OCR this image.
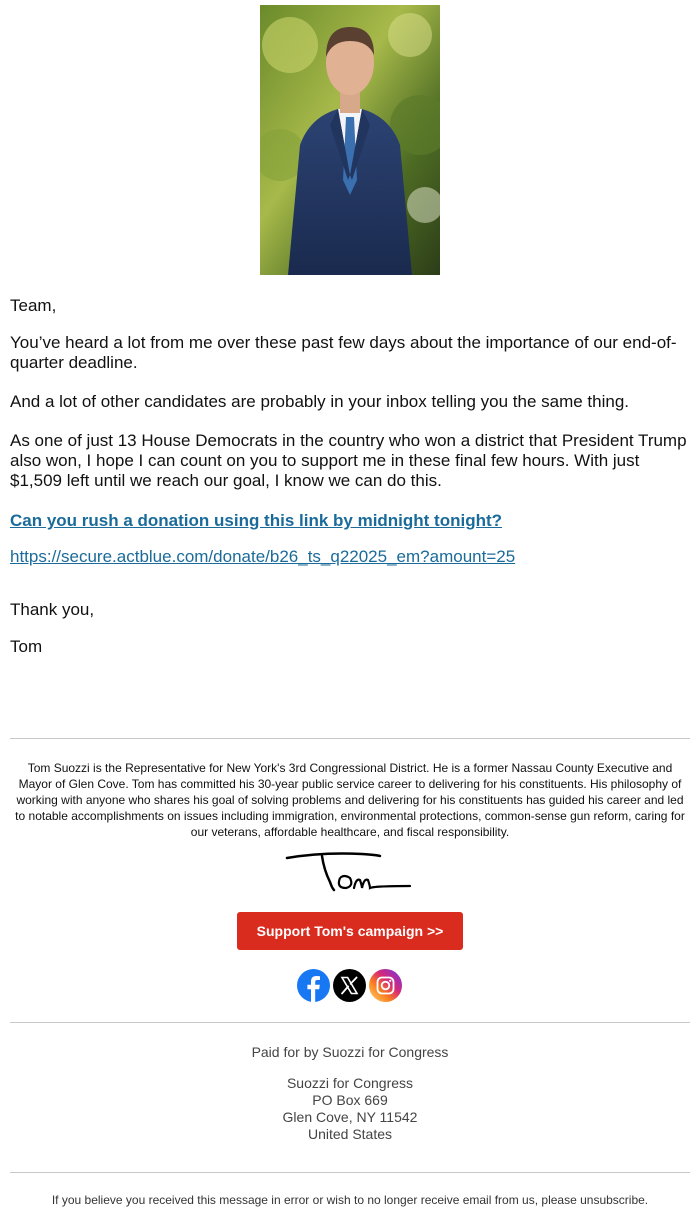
Team,

You’ve heard a lot from me over these past few days about the importance of our end-of-quarter deadline.

And a lot of other candidates are probably in your inbox telling you the same thing.

As one of just 13 House Democrats in the country who won a district that President Trump also won, I hope I can count on you to support me in these final few hours. With just $1,509 left until we reach our goal, I know we can do this.

Can you rush a donation using this link by midnight tonight?
https://secure.actblue.com/donate/b26_ts_q22025_em?amount=25

Thank you,

Tom

Tom Suozzi is the Representative for New York's 3rd Congressional District. He is a former Nassau County Executive and Mayor of Glen Cove. Tom has committed his 30-year public service career to delivering for his constituents. His philosophy of working with anyone who shares his goal of solving problems and delivering for his constituents has guided his career and led to notable accomplishments on issues including immigration, environmental protections, common-sense gun reform, caring for our veterans, affordable healthcare, and fiscal responsibility.

Support Tom's campaign >>

Paid for by Suozzi for Congress

Suozzi for Congress

PO Box 669

Glen Cove, NY 11542

United States

If you believe you received this message in error or wish to no longer receive email from us, please unsubscribe.
